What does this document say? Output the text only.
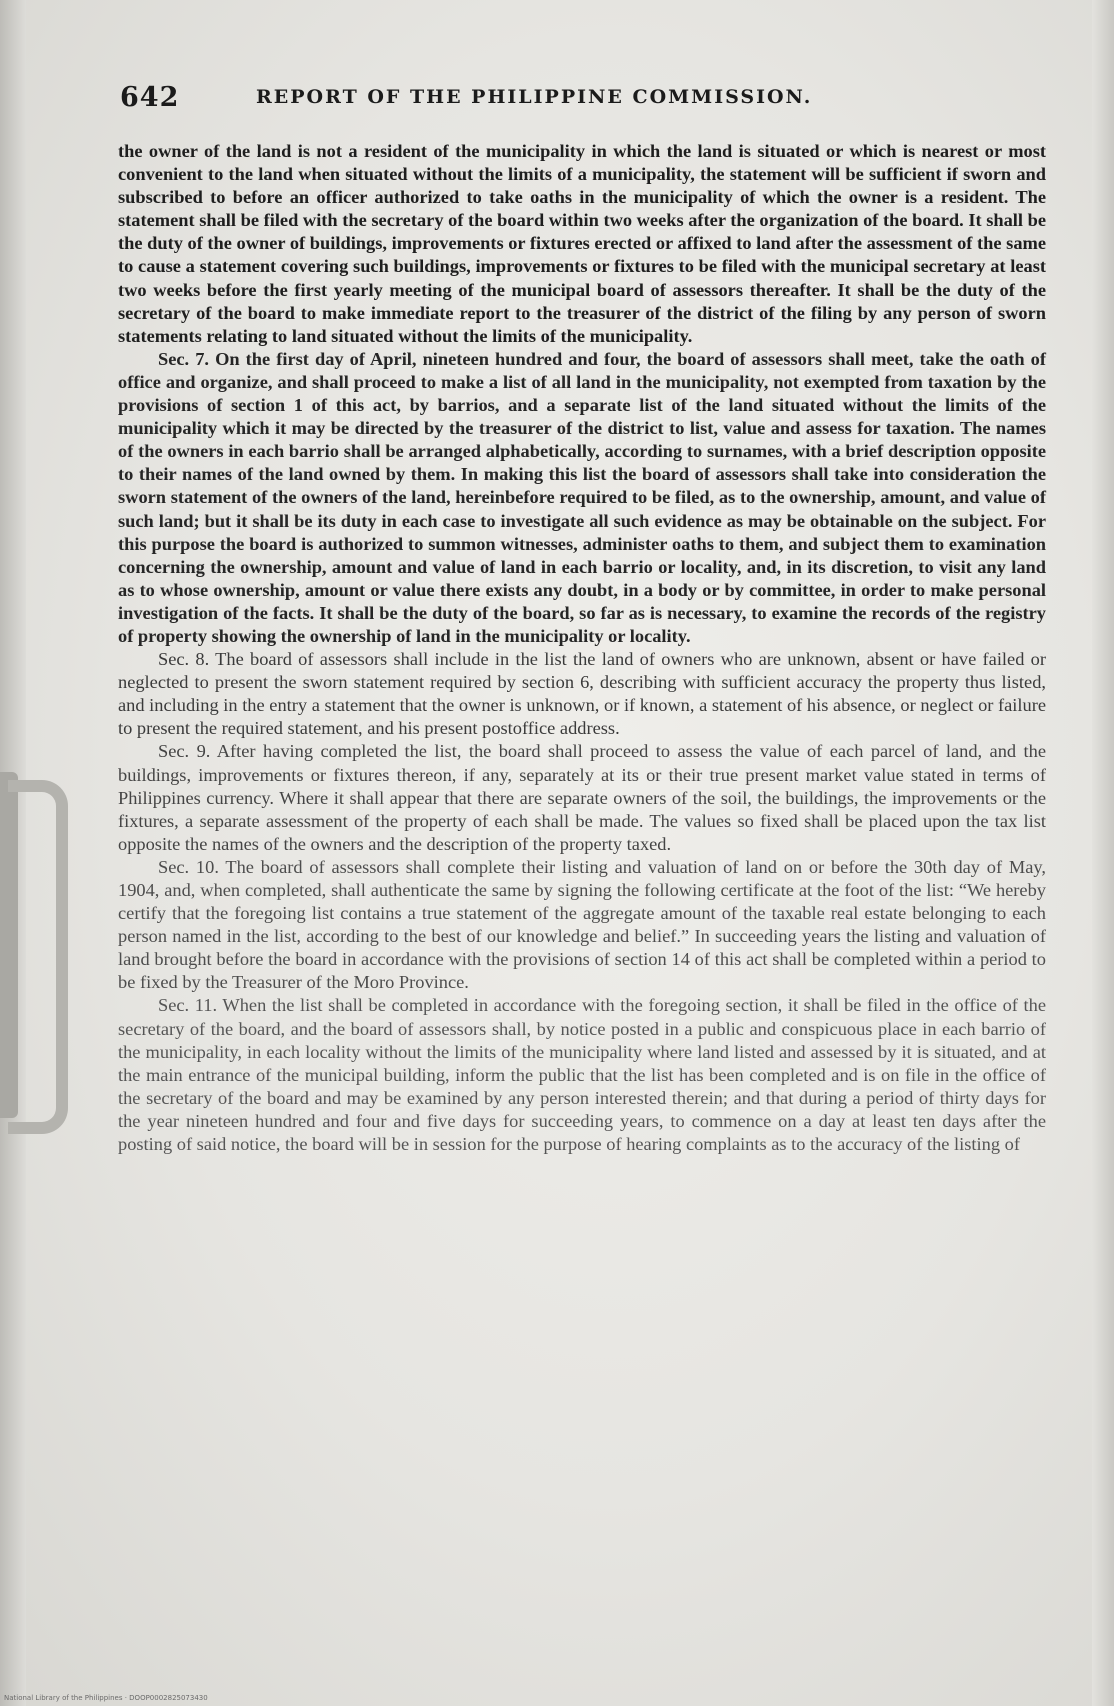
642	REPORT OF THE PHILIPPINE COMMISSION.

the owner of the land is not a resident of the municipality in which the land is situated or which is nearest or most convenient to the land when situated without the limits of a municipality, the statement will be sufficient if sworn and subscribed to before an officer authorized to take oaths in the municipality of which the owner is a resident. The statement shall be filed with the secretary of the board within two weeks after the organization of the board. It shall be the duty of the owner of buildings, improvements or fixtures erected or affixed to land after the assessment of the same to cause a statement covering such buildings, improvements or fixtures to be filed with the municipal secretary at least two weeks before the first yearly meeting of the municipal board of assessors thereafter. It shall be the duty of the secretary of the board to make immediate report to the treasurer of the district of the filing by any person of sworn statements relating to land situated without the limits of the municipality.

Sec. 7. On the first day of April, nineteen hundred and four, the board of assessors shall meet, take the oath of office and organize, and shall proceed to make a list of all land in the municipality, not exempted from taxation by the provisions of section 1 of this act, by barrios, and a separate list of the land situated without the limits of the municipality which it may be directed by the treasurer of the district to list, value and assess for taxation. The names of the owners in each barrio shall be arranged alphabetically, according to surnames, with a brief description opposite to their names of the land owned by them. In making this list the board of assessors shall take into consideration the sworn statement of the owners of the land, hereinbefore required to be filed, as to the ownership, amount, and value of such land; but it shall be its duty in each case to investigate all such evidence as may be obtainable on the subject. For this purpose the board is authorized to summon witnesses, administer oaths to them, and subject them to examination concerning the ownership, amount and value of land in each barrio or locality, and, in its discretion, to visit any land as to whose ownership, amount or value there exists any doubt, in a body or by committee, in order to make personal investigation of the facts. It shall be the duty of the board, so far as is necessary, to examine the records of the registry of property showing the ownership of land in the municipality or locality.

Sec. 8. The board of assessors shall include in the list the land of owners who are unknown, absent or have failed or neglected to present the sworn statement required by section 6, describing with sufficient accuracy the property thus listed, and including in the entry a statement that the owner is unknown, or if known, a statement of his absence, or neglect or failure to present the required statement, and his present postoffice address.

Sec. 9. After having completed the list, the board shall proceed to assess the value of each parcel of land, and the buildings, improvements or fixtures thereon, if any, separately at its or their true present market value stated in terms of Philippines currency. Where it shall appear that there are separate owners of the soil, the buildings, the improvements or the fixtures, a separate assessment of the property of each shall be made. The values so fixed shall be placed upon the tax list opposite the names of the owners and the description of the property taxed.

Sec. 10. The board of assessors shall complete their listing and valuation of land on or before the 30th day of May, 1904, and, when completed, shall authenticate the same by signing the following certificate at the foot of the list: “We hereby certify that the foregoing list contains a true statement of the aggregate amount of the taxable real estate belonging to each person named in the list, according to the best of our knowledge and belief.” In succeeding years the listing and valuation of land brought before the board in accordance with the provisions of section 14 of this act shall be completed within a period to be fixed by the Treasurer of the Moro Province.

Sec. 11. When the list shall be completed in accordance with the foregoing section, it shall be filed in the office of the secretary of the board, and the board of assessors shall, by notice posted in a public and conspicuous place in each barrio of the municipality, in each locality without the limits of the municipality where land listed and assessed by it is situated, and at the main entrance of the municipal building, inform the public that the list has been completed and is on file in the office of the secretary of the board and may be examined by any person interested therein; and that during a period of thirty days for the year nineteen hundred and four and five days for succeeding years, to commence on a day at least ten days after the posting of said notice, the board will be in session for the purpose of hearing complaints as to the accuracy of the listing of

National Library of the Philippines · DOOP0002825073430
